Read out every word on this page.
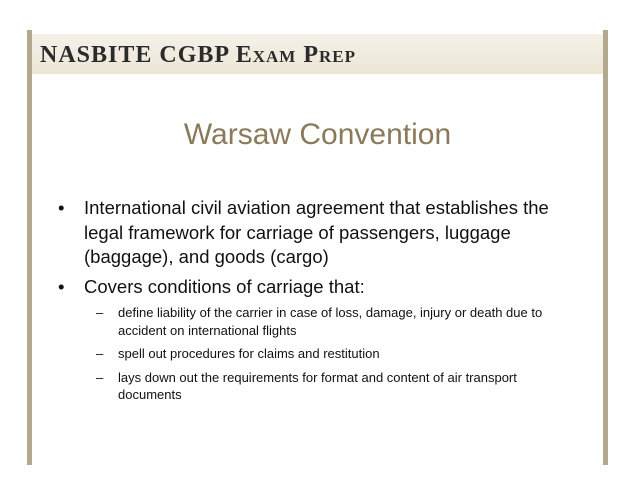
NASBITE CGBP Exam Prep
Warsaw Convention
• International civil aviation agreement that establishes the legal framework for carriage of passengers, luggage (baggage), and goods (cargo)
• Covers conditions of carriage that:
– define liability of the carrier in case of loss, damage, injury or death due to accident on international flights
– spell out procedures for claims and restitution
– lays down out the requirements for format and content of air transport documents
